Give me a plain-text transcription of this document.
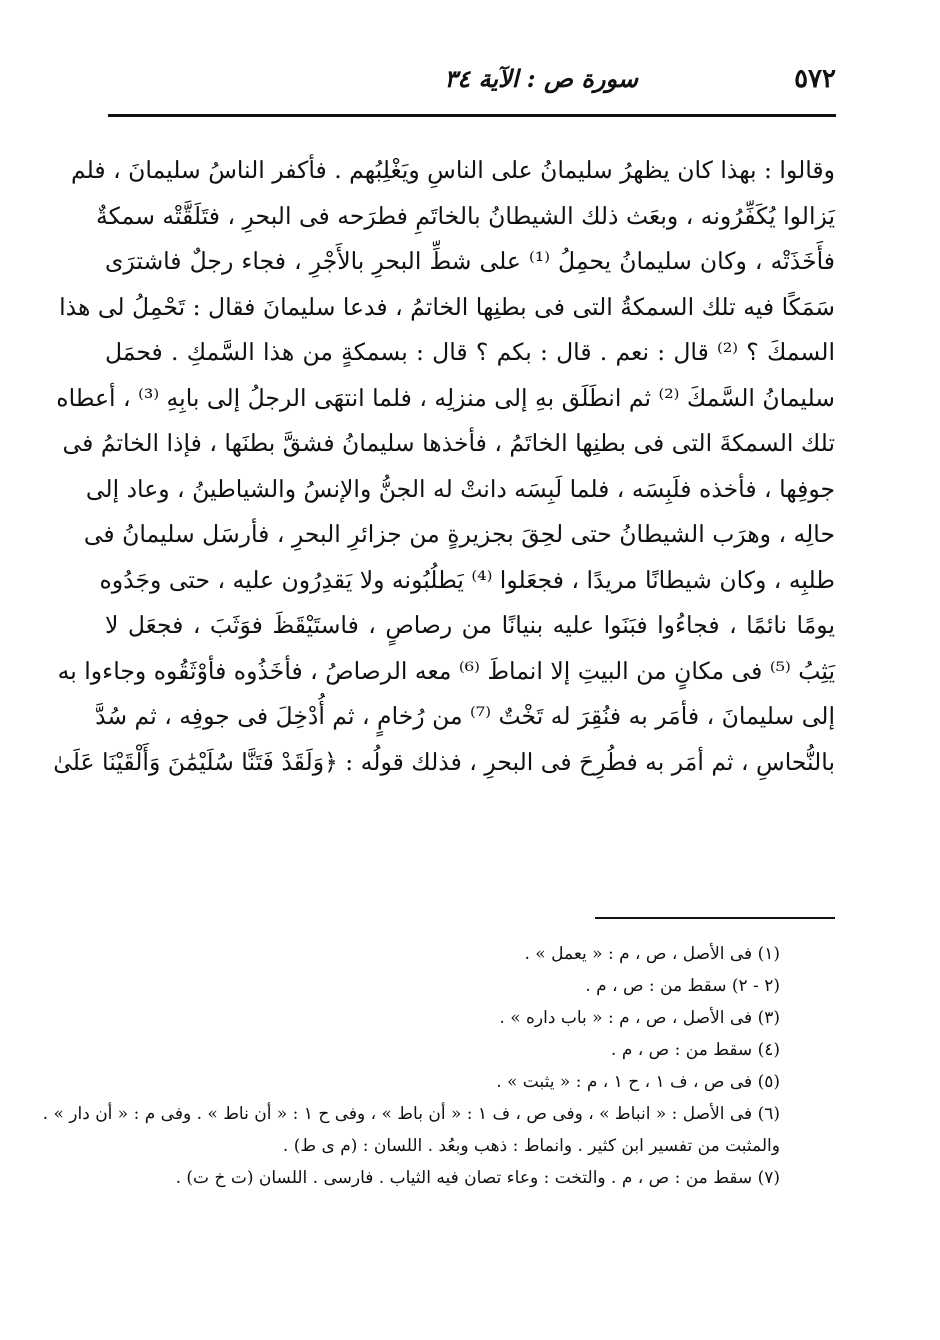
٥٧٢
سورة ص : الآية ٣٤
وقالوا : بهذا كان يظهرُ سليمانُ على الناسِ ويَغْلِبُهم . فأكفر الناسُ سليمانَ ، فلم
يَزالوا يُكَفِّرُونه ، وبعَث ذلك الشيطانُ بالخاتَمِ فطرَحه فى البحرِ ، فتَلَقَّتْه سمكةٌ
فأَخَذَتْه ، وكان سليمانُ يحمِلُ ⁽¹⁾ على شطِّ البحرِ بالأَجْرِ ، فجاء رجلٌ فاشترَى
سَمَكًا فيه تلك السمكةُ التى فى بطنِها الخاتمُ ، فدعا سليمانَ فقال : تَحْمِلُ لى هذا
السمكَ ؟ ⁽²⁾ قال : نعم . قال : بكم ؟ قال : بسمكةٍ من هذا السَّمكِ . فحمَل
سليمانُ السَّمكَ ⁽²⁾ ثم انطَلَق بهِ إلى منزلِه ، فلما انتهَى الرجلُ إلى بابِهِ ⁽³⁾ ، أعطاه
تلك السمكةَ التى فى بطنِها الخاتَمُ ، فأخذها سليمانُ فشقَّ بطنَها ، فإذا الخاتمُ فى
جوفِها ، فأخذه فلَبِسَه ، فلما لَبِسَه دانتْ له الجنُّ والإنسُ والشياطينُ ، وعاد إلى
حالِه ، وهرَب الشيطانُ حتى لحِقَ بجزيرةٍ من جزائرِ البحرِ ، فأرسَل سليمانُ فى
طلبِه ، وكان شيطانًا مريدًا ، فجعَلوا ⁽⁴⁾ يَطلُبُونه ولا يَقدِرُون عليه ، حتى وجَدُوه
يومًا نائمًا ، فجاءُوا فبَنَوا عليه بنيانًا من رصاصٍ ، فاستَيْقَظَ فوَثَبَ ، فجعَل لا
يَثِبُ ⁽⁵⁾ فى مكانٍ من البيتِ إلا انماطَ ⁽⁶⁾ معه الرصاصُ ، فأخَذُوه فأوْثَقُوه وجاءوا به
إلى سليمانَ ، فأمَر به فنُقِرَ له تَخْتٌ ⁽⁷⁾ من رُخامٍ ، ثم أُدْخِلَ فى جوفِه ، ثم سُدَّ
بالنُّحاسِ ، ثم أمَر به فطُرِحَ فى البحرِ ، فذلك قولُه : ﴿وَلَقَدْ فَتَنَّا سُلَيْمَٰنَ وَأَلْقَيْنَا عَلَىٰ
(١) فى الأصل ، ص ، م : « يعمل » .
(٢ - ٢) سقط من : ص ، م .
(٣) فى الأصل ، ص ، م : « باب داره » .
(٤) سقط من : ص ، م .
(٥) فى ص ، ف ١ ، ح ١ ، م : « يثبت » .
(٦) فى الأصل : « انباط » ، وفى ص ، ف ١ : « أن باط » ، وفى ح ١ : « أن ناط » . وفى م : « أن دار » .
والمثبت من تفسير ابن كثير . وانماط : ذهب وبعُد . اللسان : (م ى ط) .
(٧) سقط من : ص ، م . والتخت : وعاء تصان فيه الثياب . فارسى . اللسان (ت خ ت) .
